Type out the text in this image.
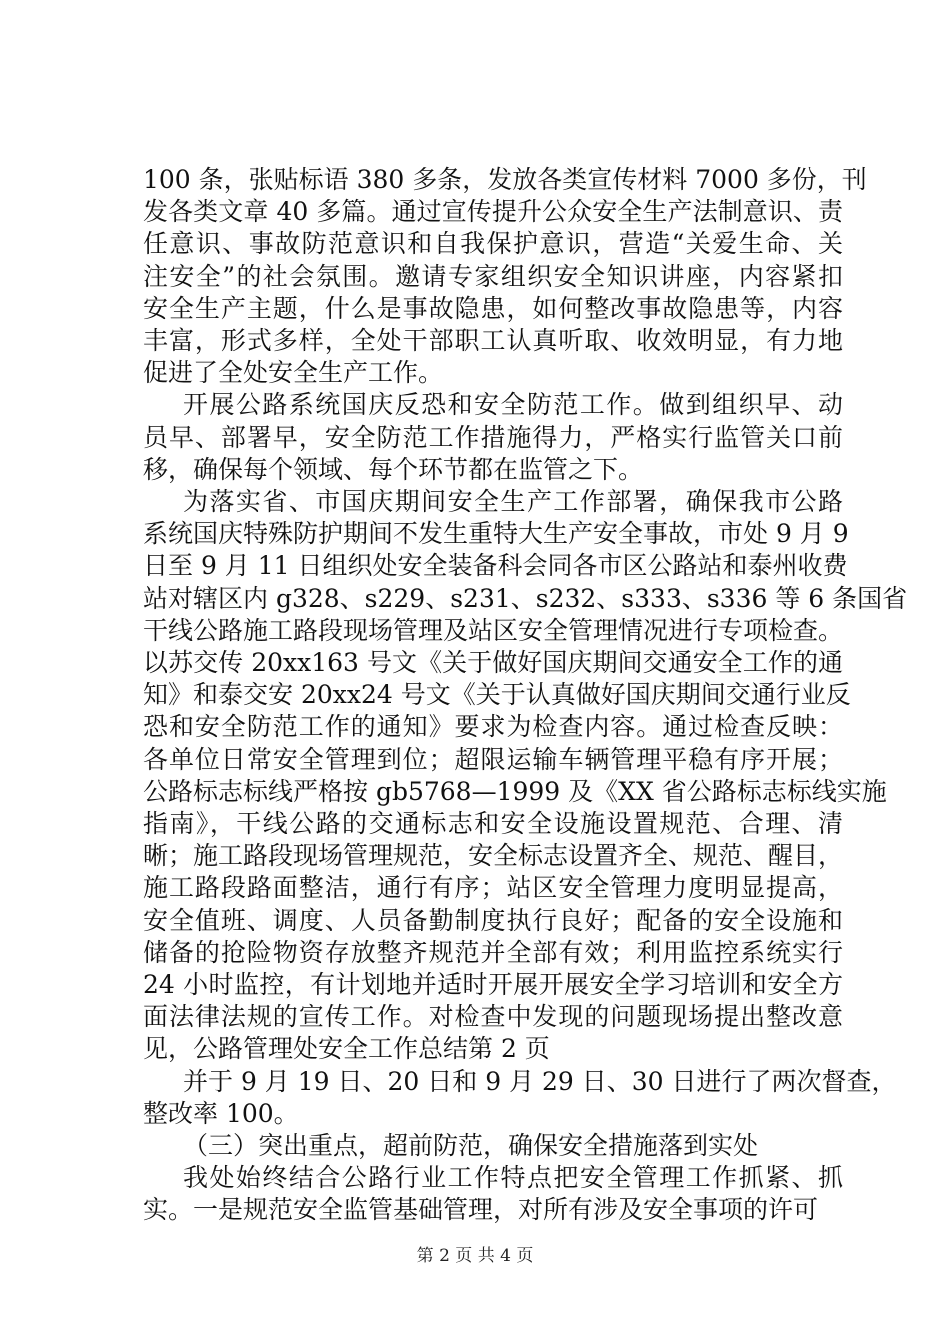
100 条，张贴标语 380 多条，发放各类宣传材料 7000 多份，刊
发各类文章 40 多篇。通过宣传提升公众安全生产法制意识、责
任意识、事故防范意识和自我保护意识，营造“关爱生命、关
注安全”的社会氛围。邀请专家组织安全知识讲座，内容紧扣
安全生产主题，什么是事故隐患，如何整改事故隐患等，内容
丰富，形式多样，全处干部职工认真听取、收效明显，有力地
促进了全处安全生产工作。
开展公路系统国庆反恐和安全防范工作。做到组织早、动
员早、部署早，安全防范工作措施得力，严格实行监管关口前
移，确保每个领域、每个环节都在监管之下。
为落实省、市国庆期间安全生产工作部署，确保我市公路
系统国庆特殊防护期间不发生重特大生产安全事故，市处 9 月 9
日至 9 月 11 日组织处安全装备科会同各市区公路站和泰州收费
站对辖区内 g328、s229、s231、s232、s333、s336 等 6 条国省
干线公路施工路段现场管理及站区安全管理情况进行专项检查。
以苏交传 20xx163 号文《关于做好国庆期间交通安全工作的通
知》和泰交安 20xx24 号文《关于认真做好国庆期间交通行业反
恐和安全防范工作的通知》要求为检查内容。通过检查反映：
各单位日常安全管理到位；超限运输车辆管理平稳有序开展；
公路标志标线严格按 gb5768—1999 及《XX 省公路标志标线实施
指南》，干线公路的交通标志和安全设施设置规范、合理、清
晰；施工路段现场管理规范，安全标志设置齐全、规范、醒目，
施工路段路面整洁，通行有序；站区安全管理力度明显提高，
安全值班、调度、人员备勤制度执行良好；配备的安全设施和
储备的抢险物资存放整齐规范并全部有效；利用监控系统实行
24 小时监控，有计划地并适时开展开展安全学习培训和安全方
面法律法规的宣传工作。对检查中发现的问题现场提出整改意
见，公路管理处安全工作总结第 2 页
并于 9 月 19 日、20 日和 9 月 29 日、30 日进行了两次督查，
整改率 100。
（三）突出重点，超前防范，确保安全措施落到实处
我处始终结合公路行业工作特点把安全管理工作抓紧、抓
实。一是规范安全监管基础管理，对所有涉及安全事项的许可
第 2 页 共 4 页
